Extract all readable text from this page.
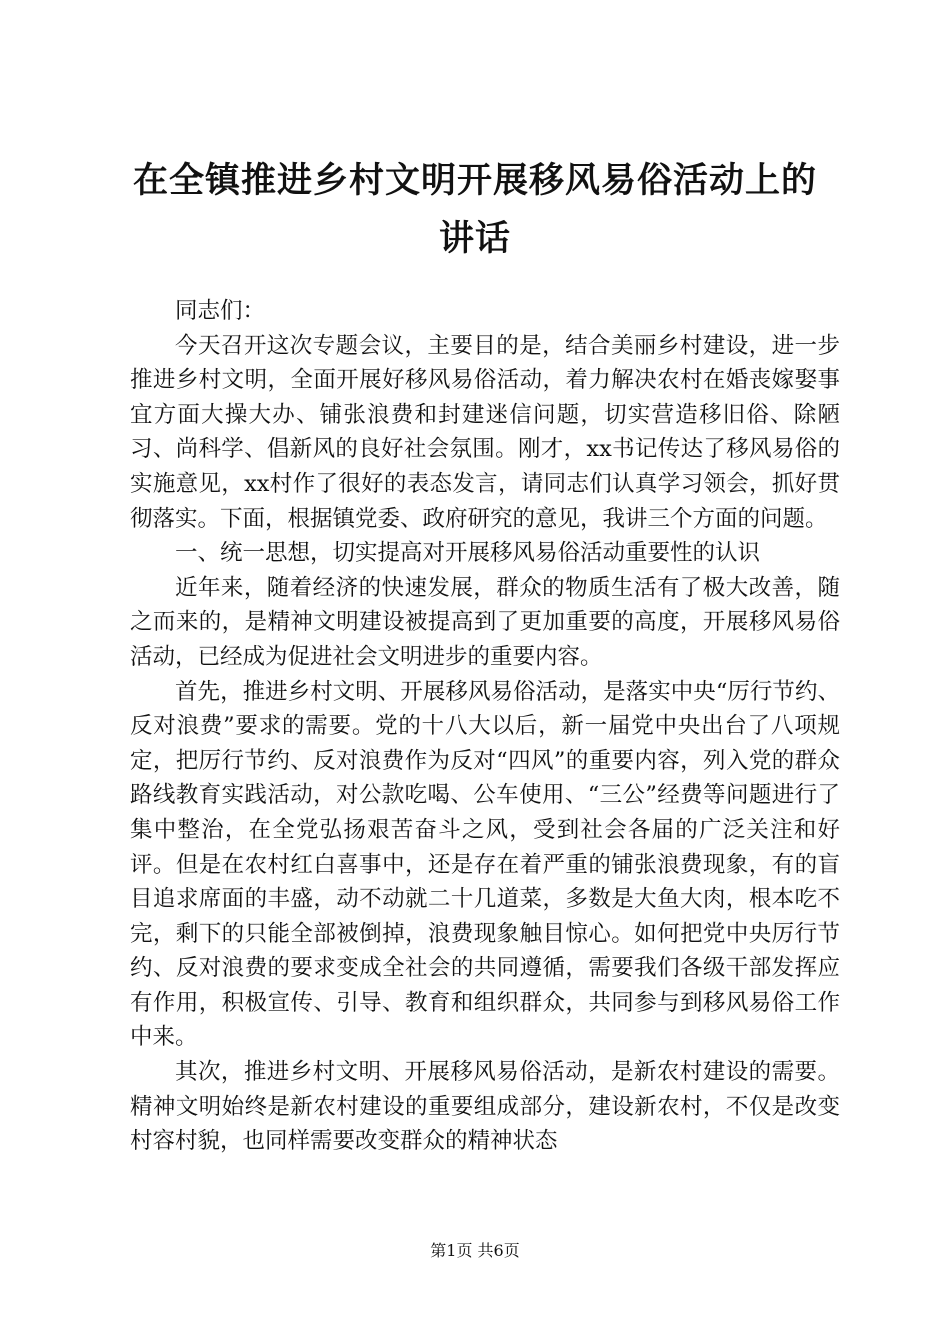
在全镇推进乡村文明开展移风易俗活动上的讲话

同志们：

今天召开这次专题会议，主要目的是，结合美丽乡村建设，进一步推进乡村文明，全面开展好移风易俗活动，着力解决农村在婚丧嫁娶事宜方面大操大办、铺张浪费和封建迷信问题，切实营造移旧俗、除陋习、尚科学、倡新风的良好社会氛围。刚才，xx书记传达了移风易俗的实施意见，xx村作了很好的表态发言，请同志们认真学习领会，抓好贯彻落实。下面，根据镇党委、政府研究的意见，我讲三个方面的问题。

一、统一思想，切实提高对开展移风易俗活动重要性的认识

近年来，随着经济的快速发展，群众的物质生活有了极大改善，随之而来的，是精神文明建设被提高到了更加重要的高度，开展移风易俗活动，已经成为促进社会文明进步的重要内容。

首先，推进乡村文明、开展移风易俗活动，是落实中央“厉行节约、反对浪费”要求的需要。党的十八大以后，新一届党中央出台了八项规定，把厉行节约、反对浪费作为反对“四风”的重要内容，列入党的群众路线教育实践活动，对公款吃喝、公车使用、“三公”经费等问题进行了集中整治，在全党弘扬艰苦奋斗之风，受到社会各届的广泛关注和好评。但是在农村红白喜事中，还是存在着严重的铺张浪费现象，有的盲目追求席面的丰盛，动不动就二十几道菜，多数是大鱼大肉，根本吃不完，剩下的只能全部被倒掉，浪费现象触目惊心。如何把党中央厉行节约、反对浪费的要求变成全社会的共同遵循，需要我们各级干部发挥应有作用，积极宣传、引导、教育和组织群众，共同参与到移风易俗工作中来。

其次，推进乡村文明、开展移风易俗活动，是新农村建设的需要。精神文明始终是新农村建设的重要组成部分，建设新农村，不仅是改变村容村貌，也同样需要改变群众的精神状态

第1页 共6页
